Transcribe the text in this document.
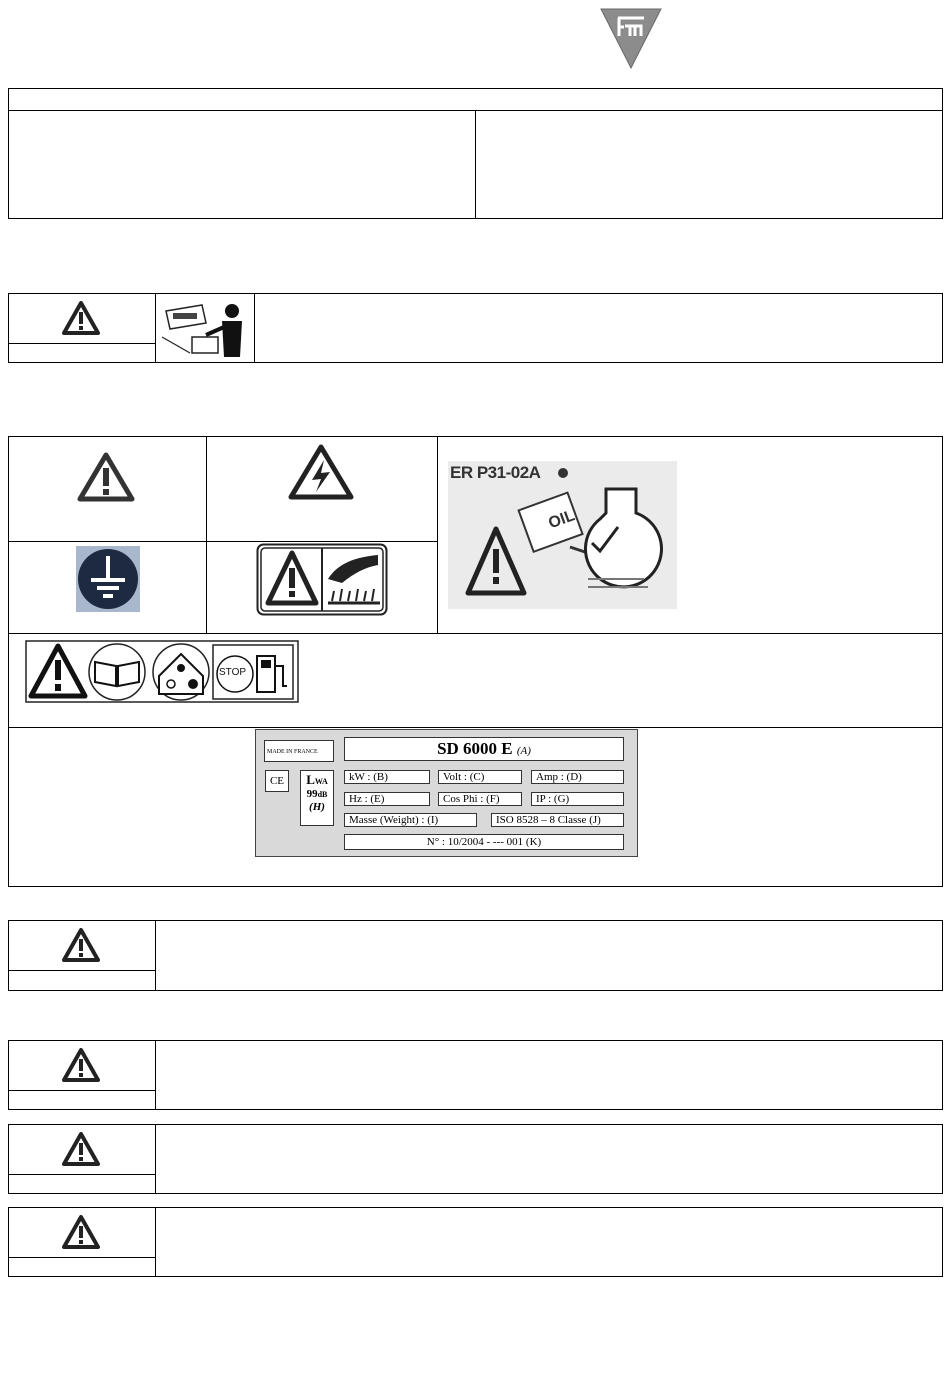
ER P31-02A
OIL
STOP
MADE IN FRANCE
CE	LWA
99dB
(H)
SD 6000 E (A)
kW : (B)	Volt : (C)	Amp : (D)
Hz : (E)	Cos Phi : (F)	IP : (G)
Masse (Weight) : (I)	ISO 8528 – 8 Classe (J)
N° : 10/2004 - --- 001 (K)
